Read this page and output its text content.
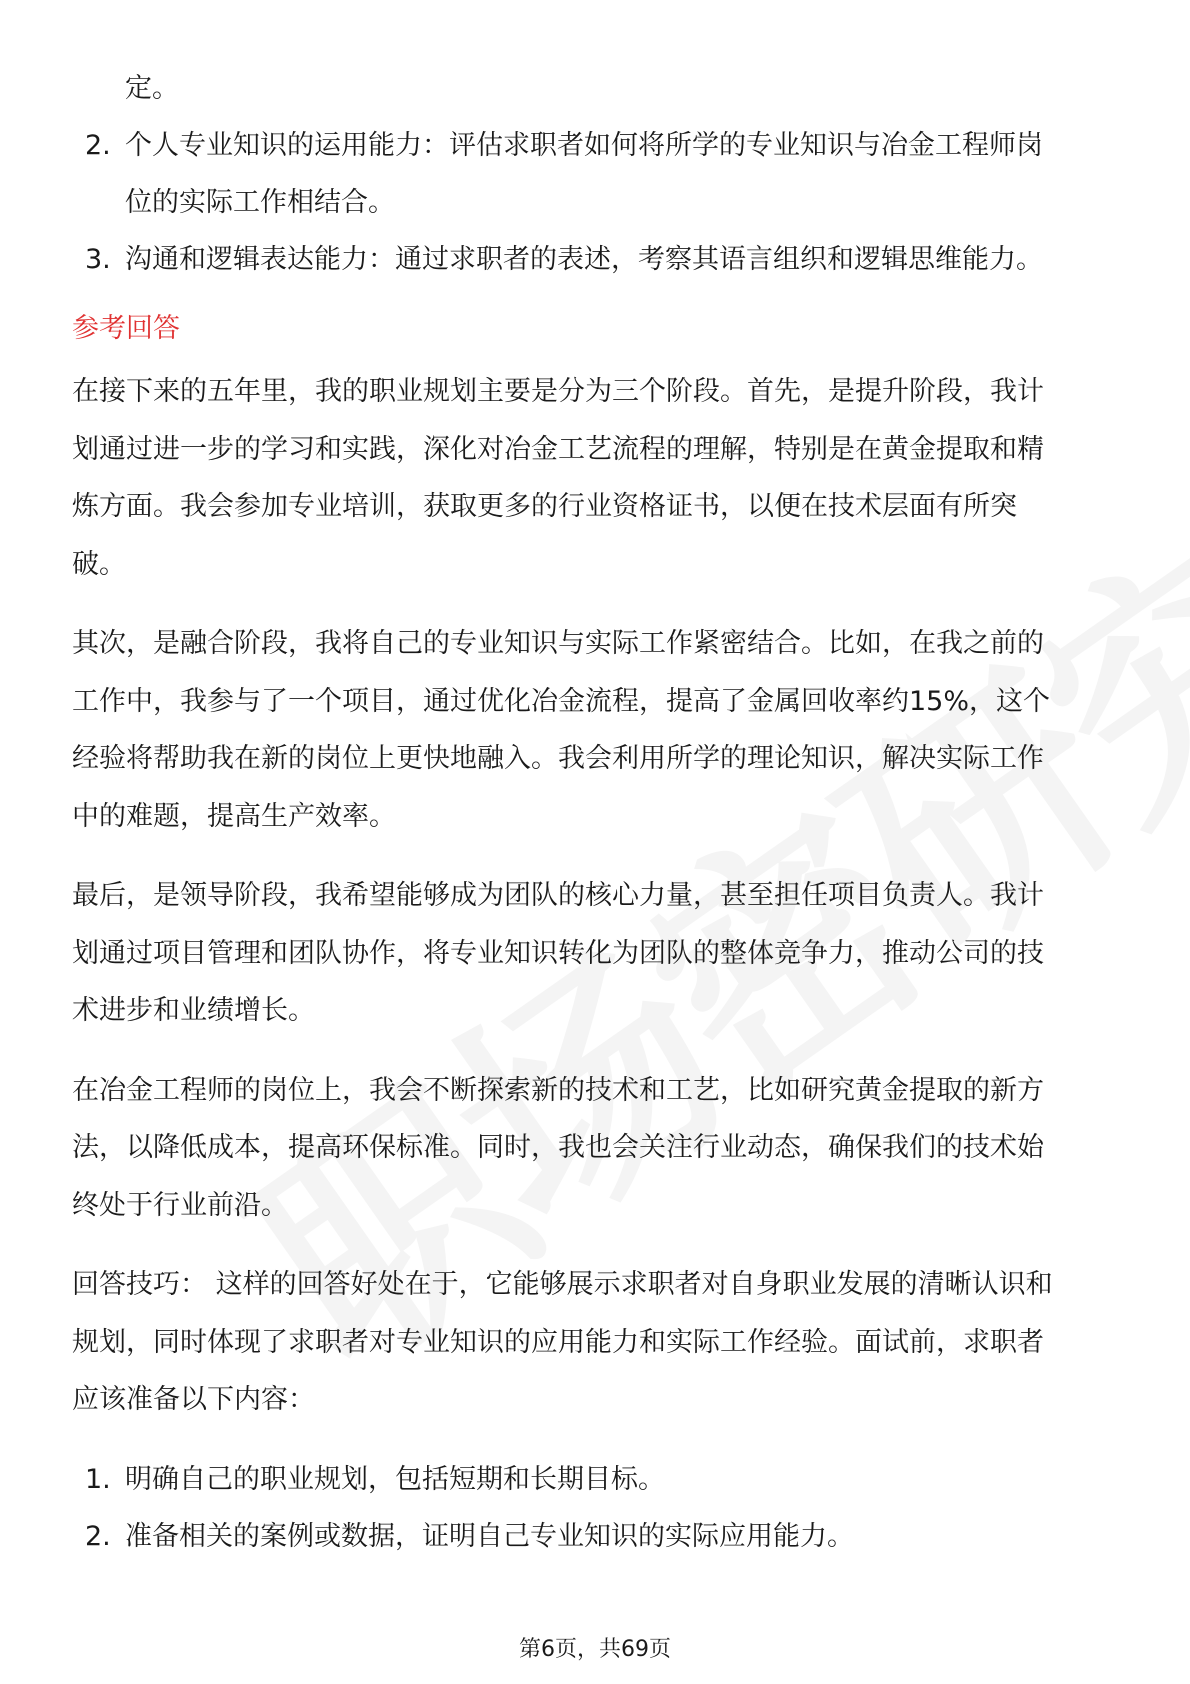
定。
2. 个人专业知识的运用能力：评估求职者如何将所学的专业知识与冶金工程师岗
位的实际工作相结合。
3. 沟通和逻辑表达能力：通过求职者的表述，考察其语言组织和逻辑思维能力。
参考回答
在接下来的五年里，我的职业规划主要是分为三个阶段。首先，是提升阶段，我计
划通过进一步的学习和实践，深化对冶金工艺流程的理解，特别是在黄金提取和精
炼方面。我会参加专业培训，获取更多的行业资格证书，以便在技术层面有所突
破。
其次，是融合阶段，我将自己的专业知识与实际工作紧密结合。比如，在我之前的
工作中，我参与了一个项目，通过优化冶金流程，提高了金属回收率约15%，这个
经验将帮助我在新的岗位上更快地融入。我会利用所学的理论知识，解决实际工作
中的难题，提高生产效率。
最后，是领导阶段，我希望能够成为团队的核心力量，甚至担任项目负责人。我计
划通过项目管理和团队协作，将专业知识转化为团队的整体竞争力，推动公司的技
术进步和业绩增长。
在冶金工程师的岗位上，我会不断探索新的技术和工艺，比如研究黄金提取的新方
法，以降低成本，提高环保标准。同时，我也会关注行业动态，确保我们的技术始
终处于行业前沿。
回答技巧： 这样的回答好处在于，它能够展示求职者对自身职业发展的清晰认识和
规划，同时体现了求职者对专业知识的应用能力和实际工作经验。面试前，求职者
应该准备以下内容：
1. 明确自己的职业规划，包括短期和长期目标。
2. 准备相关的案例或数据，证明自己专业知识的实际应用能力。
第6页，共69页
